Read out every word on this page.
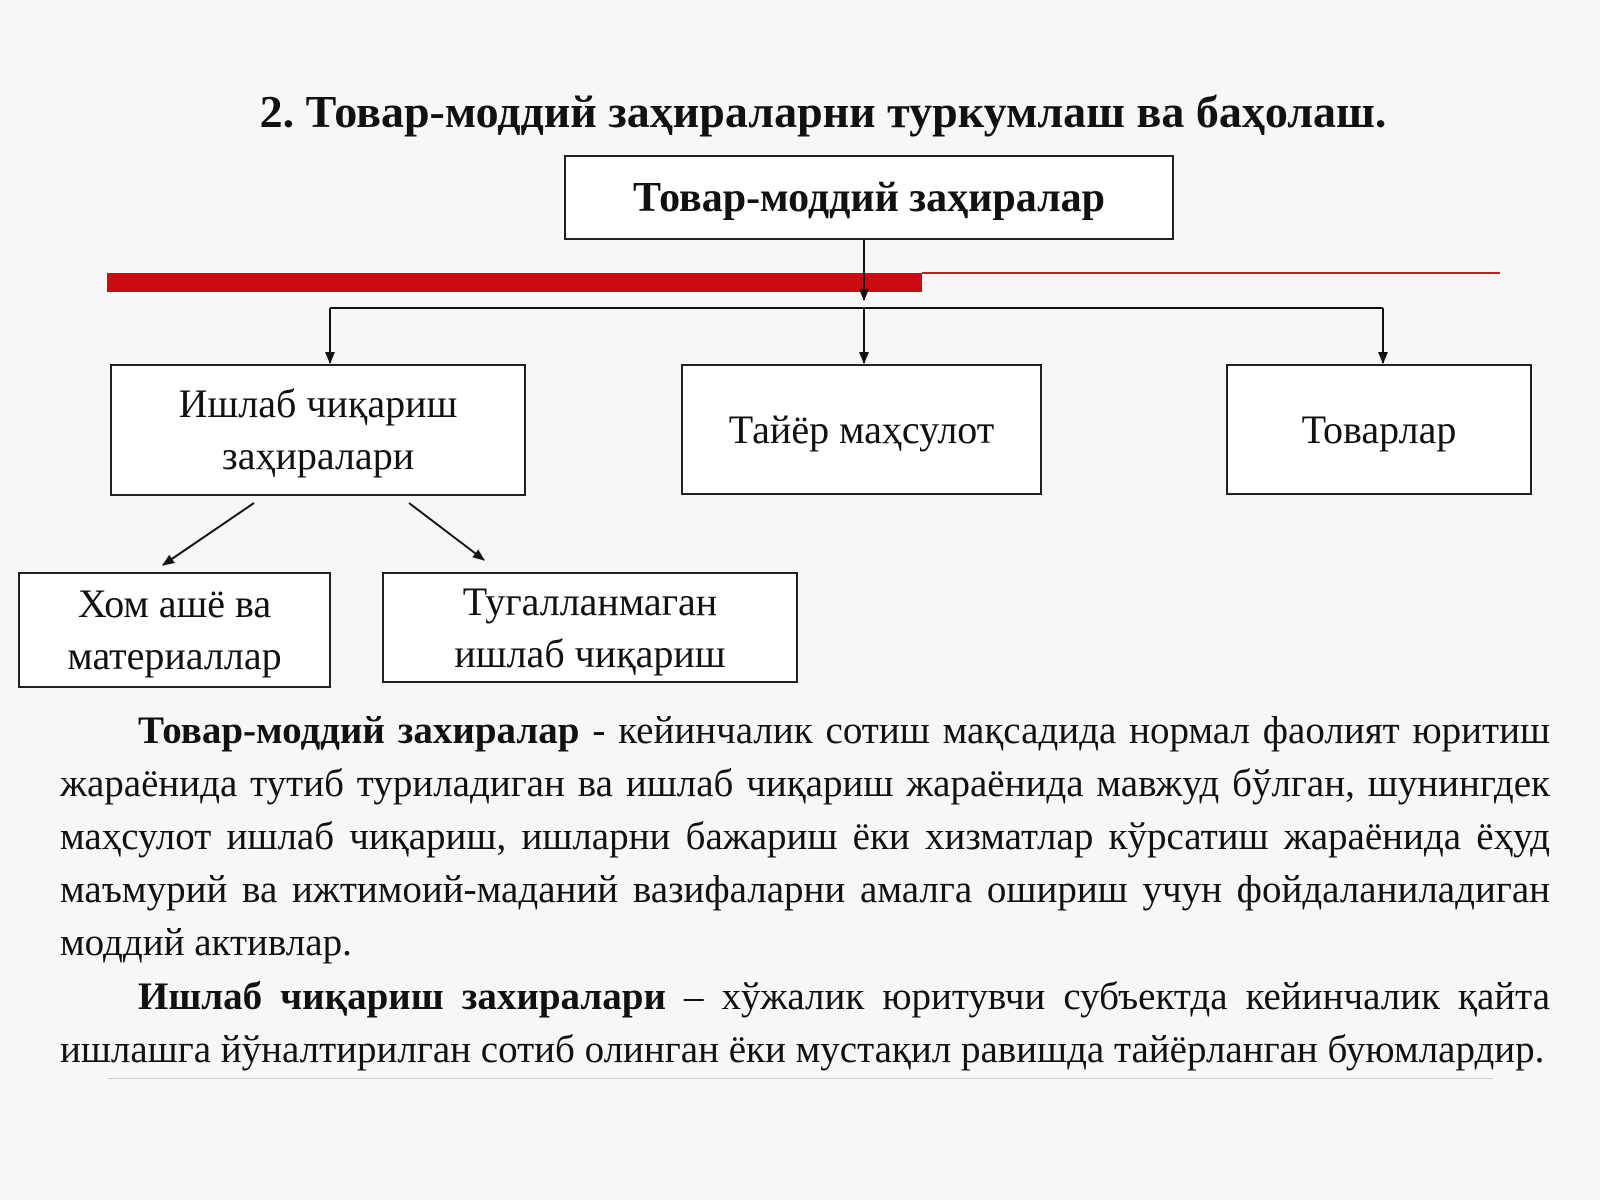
2. Товар-моддий заҳираларни туркумлаш ва баҳолаш.
Товар-моддий заҳиралар
Ишлаб чиқариш заҳиралари
Тайёр маҳсулот	Товарлар
Хом ашё ва материаллар
Тугалланмаган ишлаб чиқариш

Товар-моддий захиралар - кейинчалик сотиш мақсадида нормал фаолият юритиш жараёнида тутиб туриладиган ва ишлаб чиқариш жараёнида мавжуд бўлган, шунингдек маҳсулот ишлаб чиқариш, ишларни бажариш ёки хизматлар кўрсатиш жараёнида ёҳуд маъмурий ва ижтимоий-маданий вазифаларни амалга ошириш учун фойдаланиладиган моддий активлар.

Ишлаб чиқариш захиралари – хўжалик юритувчи субъектда кейинчалик қайта ишлашга йўналтирилган сотиб олинган ёки мустақил равишда тайёрланган буюмлардир.
